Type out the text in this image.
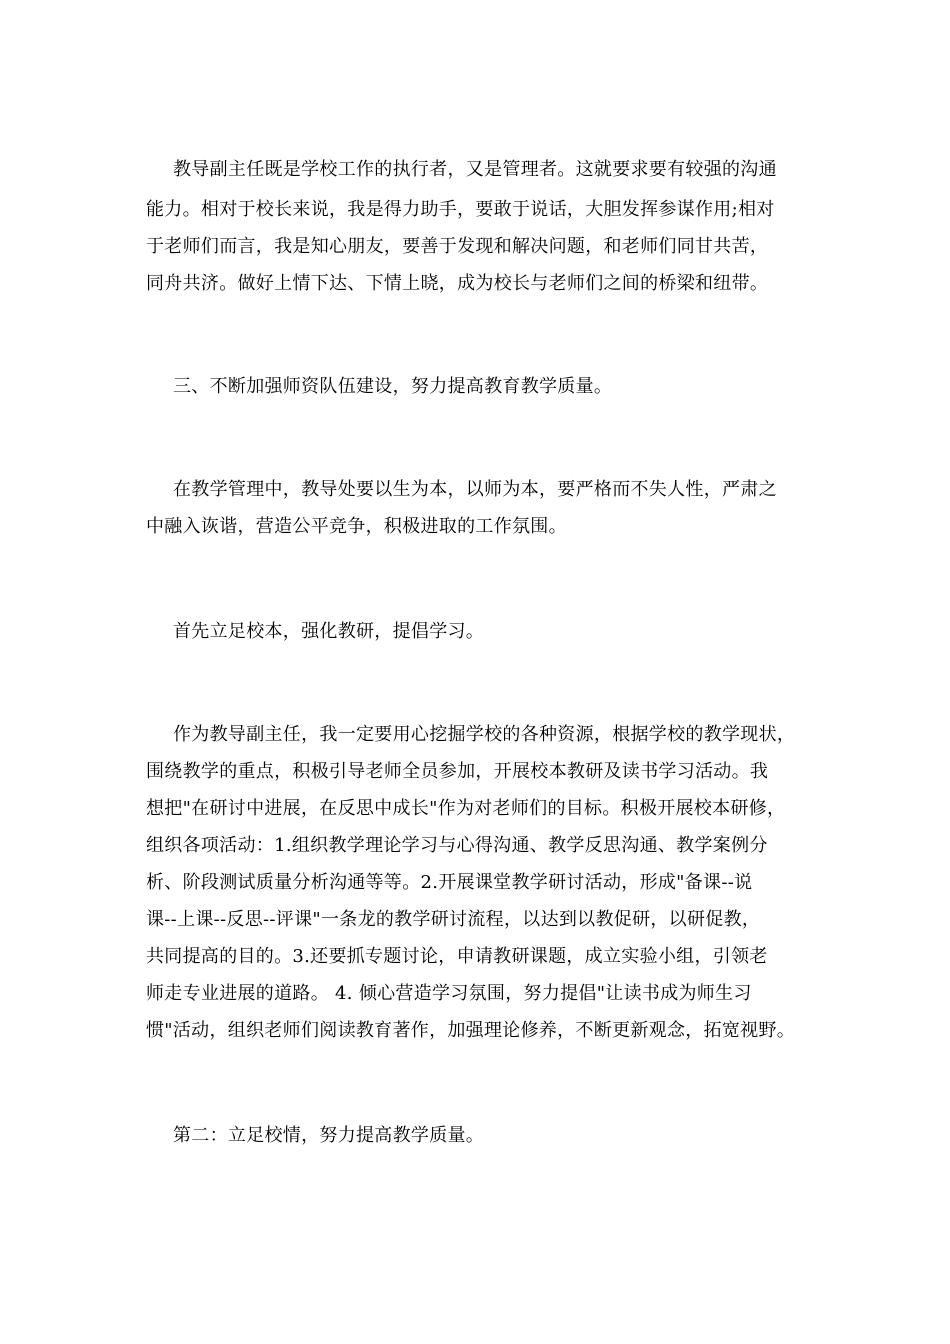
教导副主任既是学校工作的执行者，又是管理者。这就要求要有较强的沟通
能力。相对于校长来说，我是得力助手，要敢于说话，大胆发挥参谋作用;相对
于老师们而言，我是知心朋友，要善于发现和解决问题，和老师们同甘共苦，
同舟共济。做好上情下达、下情上晓，成为校长与老师们之间的桥梁和纽带。
三、不断加强师资队伍建设，努力提高教育教学质量。
在教学管理中，教导处要以生为本，以师为本，要严格而不失人性，严肃之
中融入诙谐，营造公平竞争，积极进取的工作氛围。
首先立足校本，强化教研，提倡学习。
作为教导副主任，我一定要用心挖掘学校的各种资源，根据学校的教学现状，
围绕教学的重点，积极引导老师全员参加，开展校本教研及读书学习活动。我
想把"在研讨中进展，在反思中成长"作为对老师们的目标。积极开展校本研修，
组织各项活动：1.组织教学理论学习与心得沟通、教学反思沟通、教学案例分
析、阶段测试质量分析沟通等等。2.开展课堂教学研讨活动，形成"备课--说
课--上课--反思--评课"一条龙的教学研讨流程，以达到以教促研，以研促教，
共同提高的目的。3.还要抓专题讨论，申请教研课题，成立实验小组，引领老
师走专业进展的道路。 4. 倾心营造学习氛围，努力提倡"让读书成为师生习
惯"活动，组织老师们阅读教育著作，加强理论修养，不断更新观念，拓宽视野。
第二：立足校情，努力提高教学质量。
